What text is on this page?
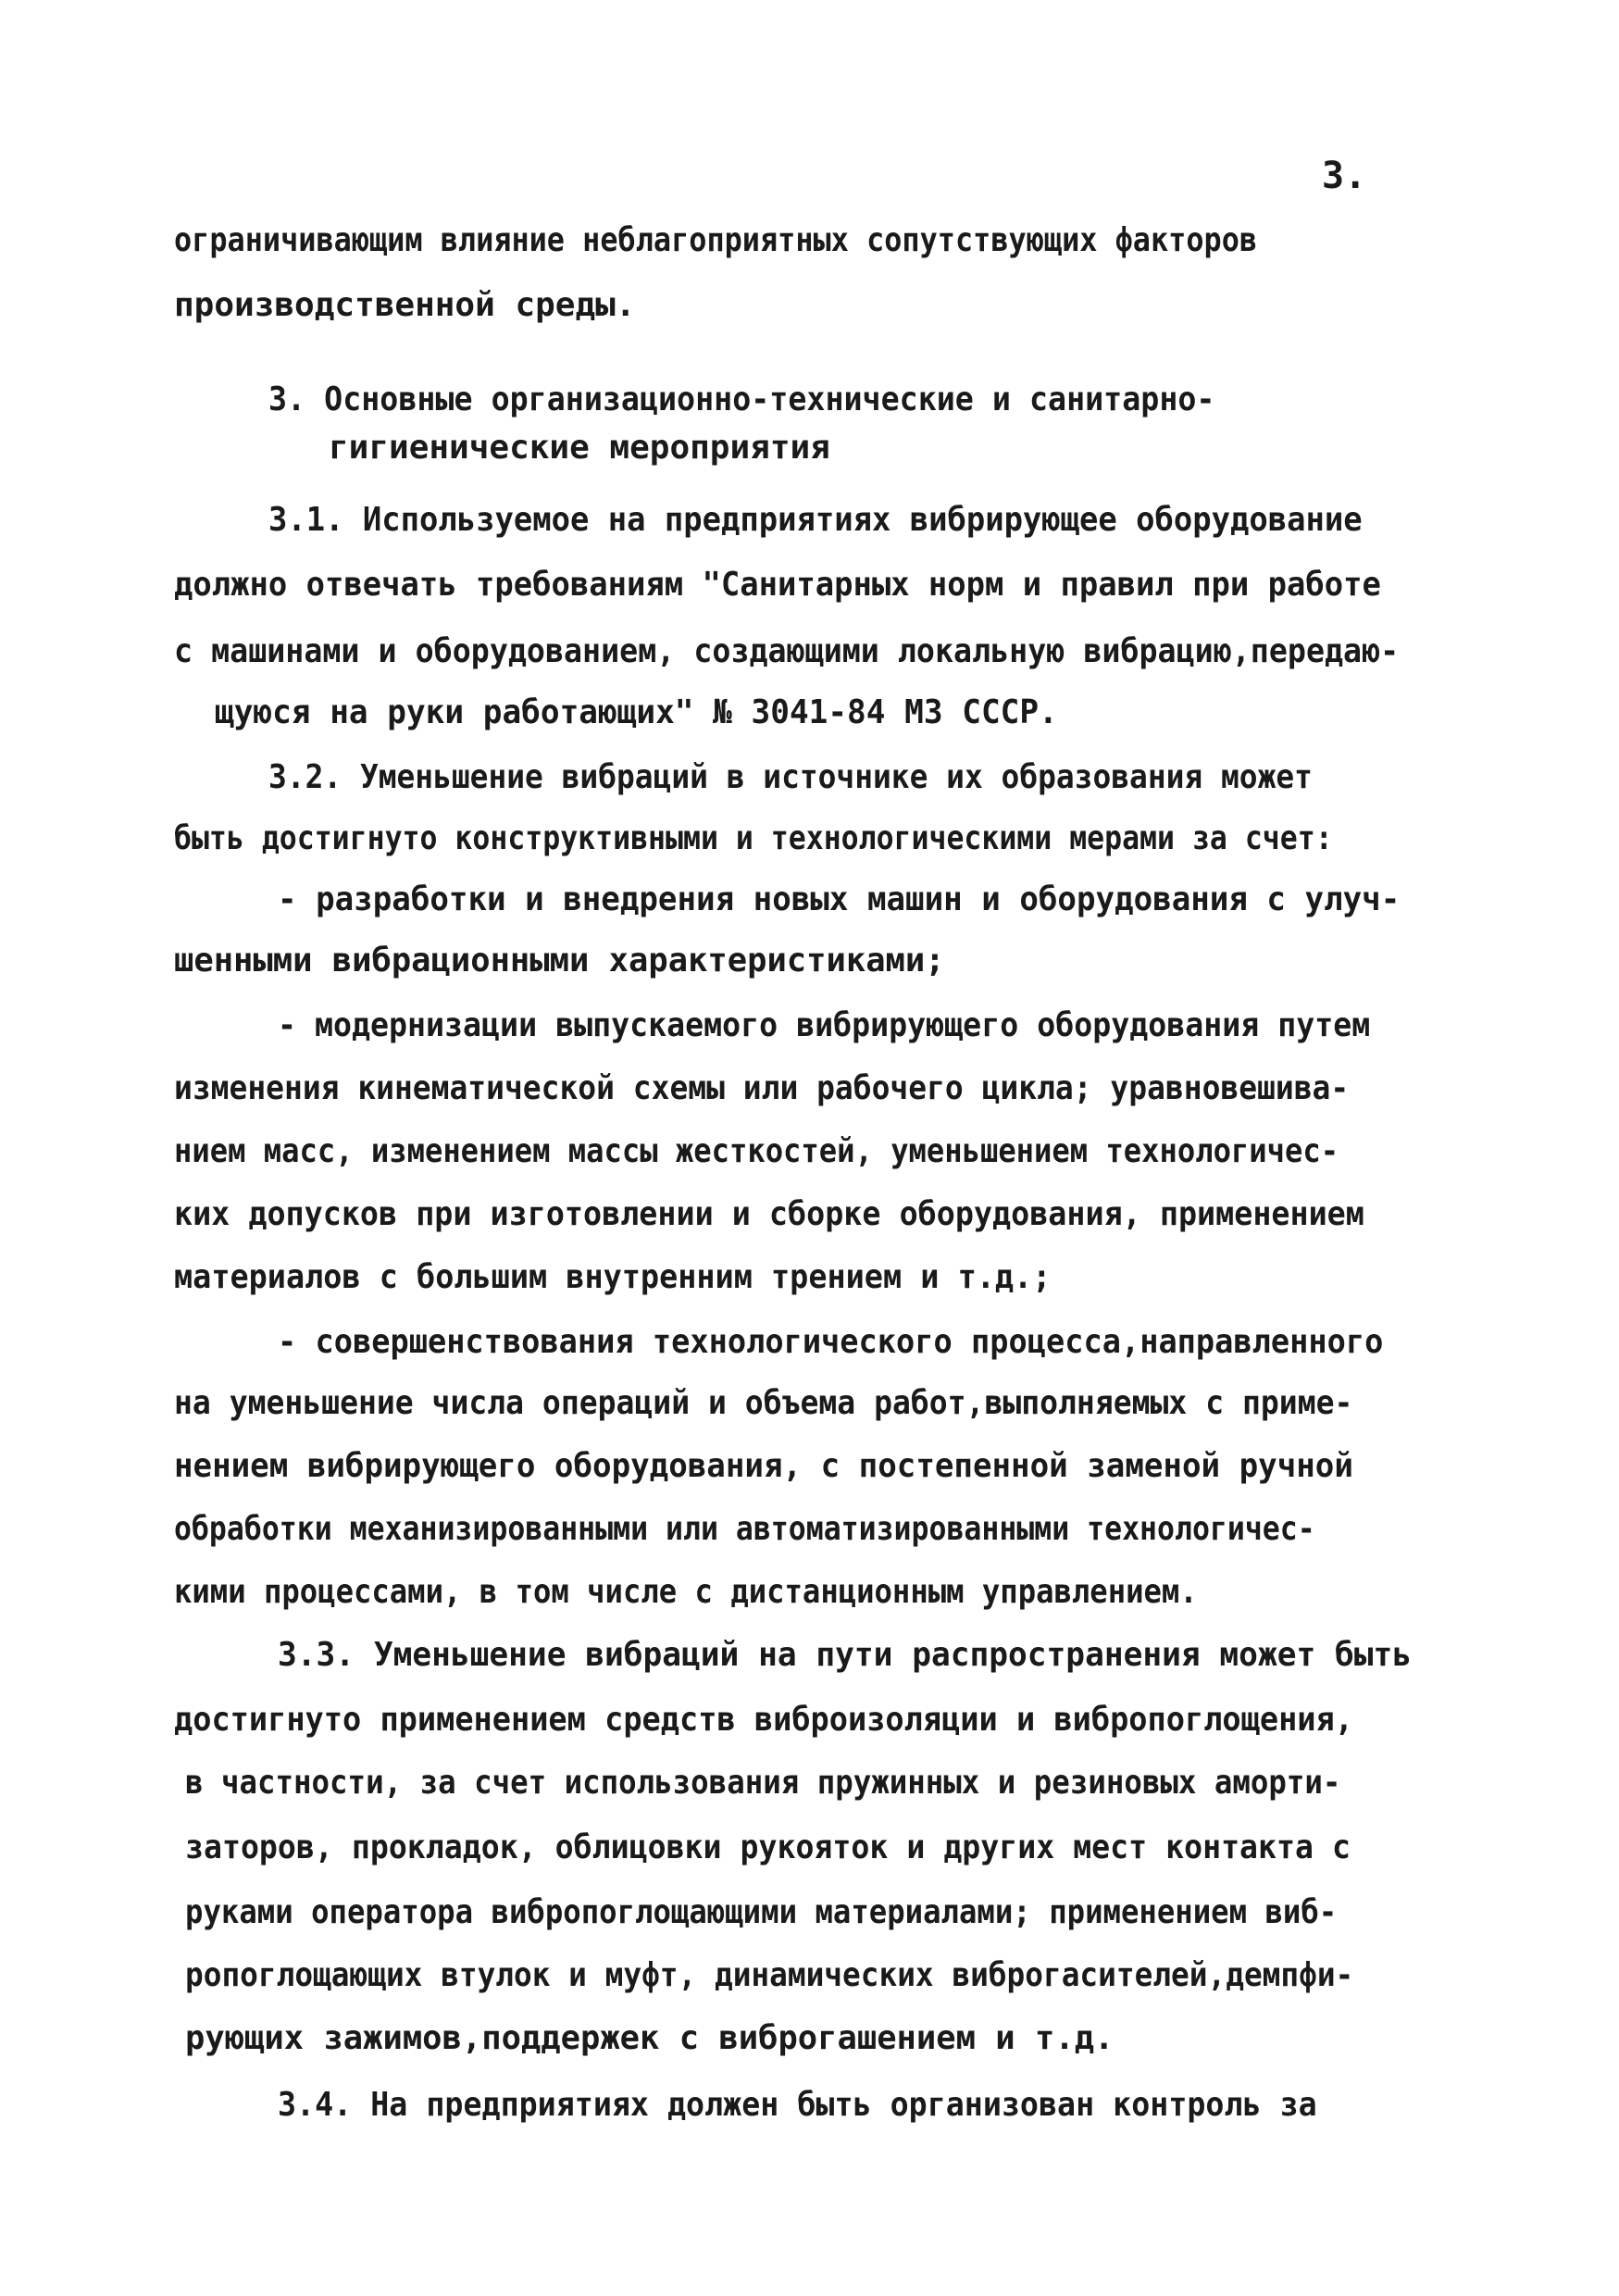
3.
ограничивающим влияние неблагоприятных сопутствующих факторов
производственной среды.
3. Основные организационно-технические и санитарно-
гигиенические мероприятия
3.1. Используемое на предприятиях вибрирующее оборудование
должно отвечать требованиям "Санитарных норм и правил при работе
с машинами и оборудованием, создающими локальную вибрацию,передаю-
щуюся на руки работающих" № 3041-84 МЗ СССР.
3.2. Уменьшение вибраций в источнике их образования может
быть достигнуто конструктивными и технологическими мерами за счет:
- разработки и внедрения новых машин и оборудования с улуч-
шенными вибрационными характеристиками;
- модернизации выпускаемого вибрирующего оборудования путем
изменения кинематической схемы или рабочего цикла; уравновешива-
нием масс, изменением массы жесткостей, уменьшением технологичес-
ких допусков при изготовлении и сборке оборудования, применением
материалов с большим внутренним трением и т.д.;
- совершенствования технологического процесса,направленного
на уменьшение числа операций и объема работ,выполняемых с приме-
нением вибрирующего оборудования, с постепенной заменой ручной
обработки механизированными или автоматизированными технологичес-
кими процессами, в том числе с дистанционным управлением.
3.3. Уменьшение вибраций на пути распространения может быть
достигнуто применением средств виброизоляции и вибропоглощения,
в частности, за счет использования пружинных и резиновых аморти-
заторов, прокладок, облицовки рукояток и других мест контакта с
руками оператора вибропоглощающими материалами; применением виб-
ропоглощающих втулок и муфт, динамических виброгасителей,демпфи-
рующих зажимов,поддержек с виброгашением и т.д.
3.4. На предприятиях должен быть организован контроль за
